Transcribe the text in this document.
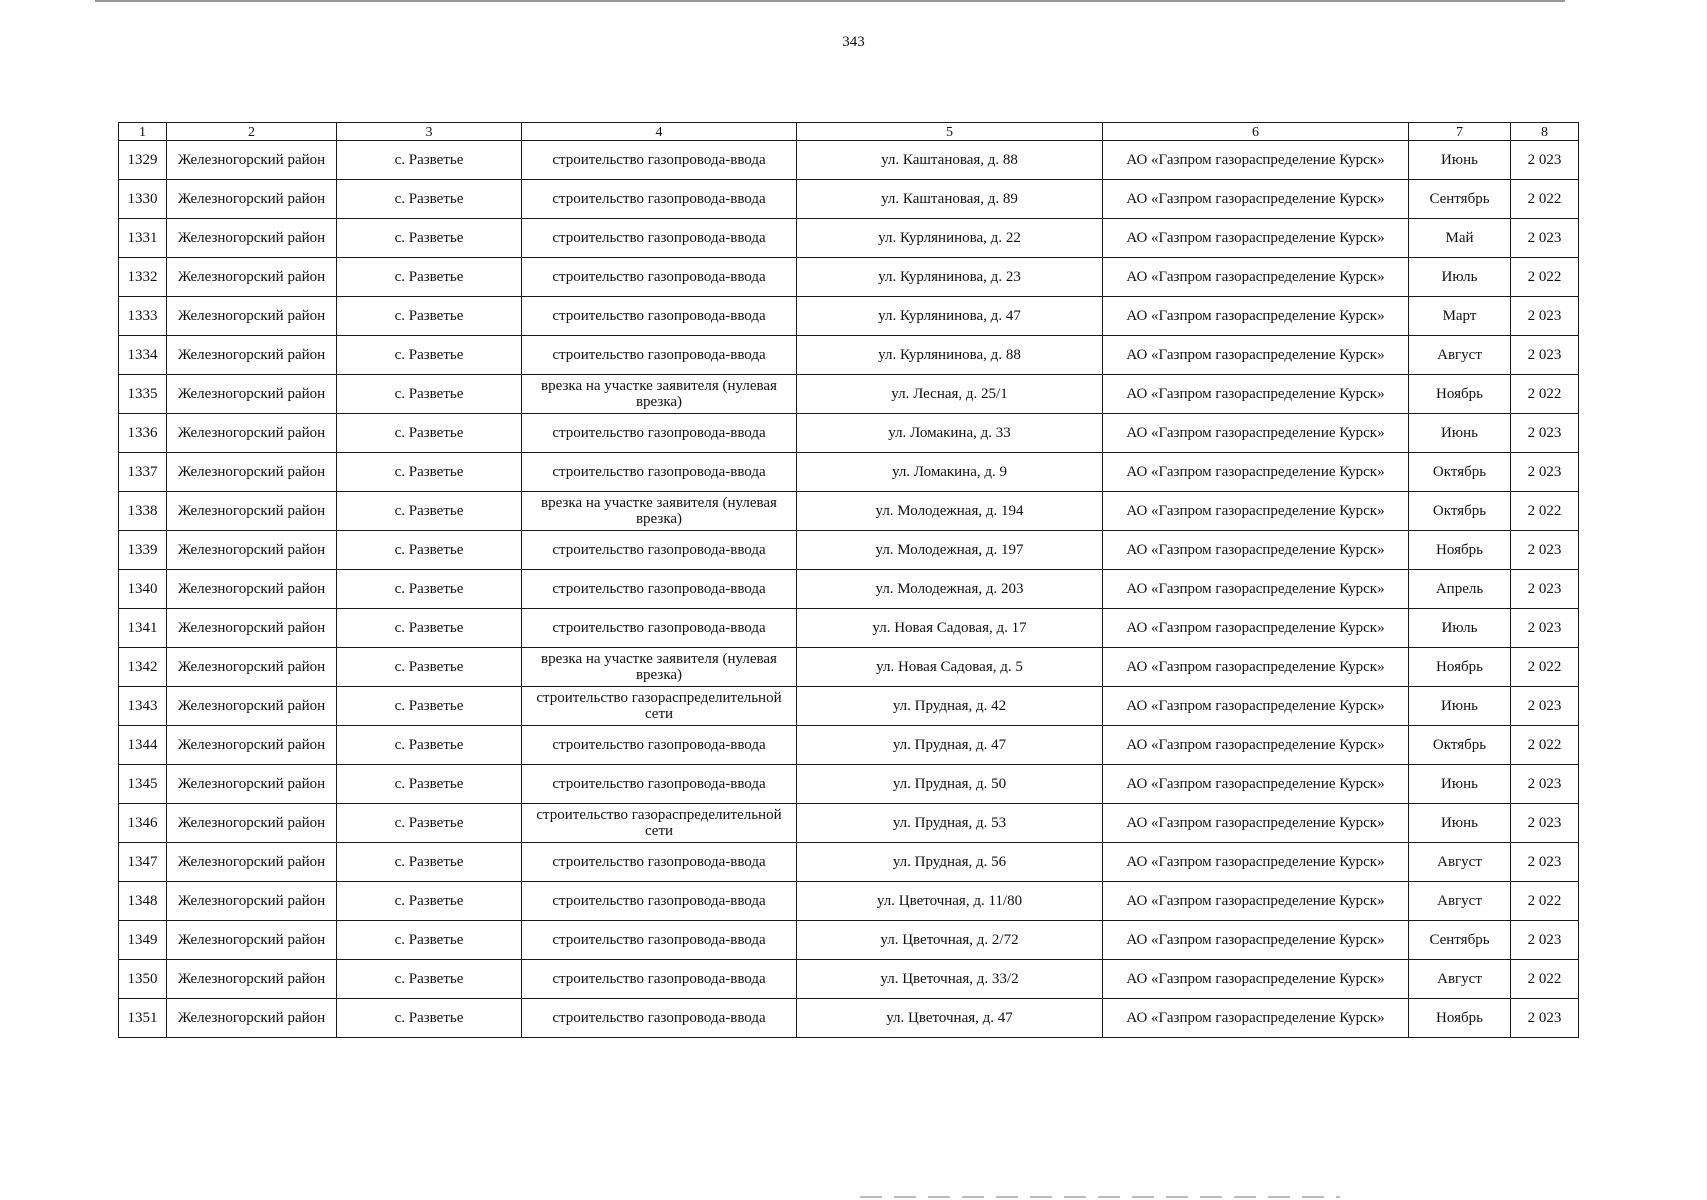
343
1	2	3	4	5	6	7	8
1329	Железногорский район	с. Разветье	строительство газопровода-ввода	ул. Каштановая, д. 88	АО «Газпром газораспределение Курск»	Июнь	2 023
1330	Железногорский район	с. Разветье	строительство газопровода-ввода	ул. Каштановая, д. 89	АО «Газпром газораспределение Курск»	Сентябрь	2 022
1331	Железногорский район	с. Разветье	строительство газопровода-ввода	ул. Курлянинова, д. 22	АО «Газпром газораспределение Курск»	Май	2 023
1332	Железногорский район	с. Разветье	строительство газопровода-ввода	ул. Курлянинова, д. 23	АО «Газпром газораспределение Курск»	Июль	2 022
1333	Железногорский район	с. Разветье	строительство газопровода-ввода	ул. Курлянинова, д. 47	АО «Газпром газораспределение Курск»	Март	2 023
1334	Железногорский район	с. Разветье	строительство газопровода-ввода	ул. Курлянинова, д. 88	АО «Газпром газораспределение Курск»	Август	2 023
1335	Железногорский район	с. Разветье	врезка на участке заявителя (нулевая врезка)	ул. Лесная, д. 25/1	АО «Газпром газораспределение Курск»	Ноябрь	2 022
1336	Железногорский район	с. Разветье	строительство газопровода-ввода	ул. Ломакина, д. 33	АО «Газпром газораспределение Курск»	Июнь	2 023
1337	Железногорский район	с. Разветье	строительство газопровода-ввода	ул. Ломакина, д. 9	АО «Газпром газораспределение Курск»	Октябрь	2 023
1338	Железногорский район	с. Разветье	врезка на участке заявителя (нулевая врезка)	ул. Молодежная, д. 194	АО «Газпром газораспределение Курск»	Октябрь	2 022
1339	Железногорский район	с. Разветье	строительство газопровода-ввода	ул. Молодежная, д. 197	АО «Газпром газораспределение Курск»	Ноябрь	2 023
1340	Железногорский район	с. Разветье	строительство газопровода-ввода	ул. Молодежная, д. 203	АО «Газпром газораспределение Курск»	Апрель	2 023
1341	Железногорский район	с. Разветье	строительство газопровода-ввода	ул. Новая Садовая, д. 17	АО «Газпром газораспределение Курск»	Июль	2 023
1342	Железногорский район	с. Разветье	врезка на участке заявителя (нулевая врезка)	ул. Новая Садовая, д. 5	АО «Газпром газораспределение Курск»	Ноябрь	2 022
1343	Железногорский район	с. Разветье	строительство газораспределительной сети	ул. Прудная, д. 42	АО «Газпром газораспределение Курск»	Июнь	2 023
1344	Железногорский район	с. Разветье	строительство газопровода-ввода	ул. Прудная, д. 47	АО «Газпром газораспределение Курск»	Октябрь	2 022
1345	Железногорский район	с. Разветье	строительство газопровода-ввода	ул. Прудная, д. 50	АО «Газпром газораспределение Курск»	Июнь	2 023
1346	Железногорский район	с. Разветье	строительство газораспределительной сети	ул. Прудная, д. 53	АО «Газпром газораспределение Курск»	Июнь	2 023
1347	Железногорский район	с. Разветье	строительство газопровода-ввода	ул. Прудная, д. 56	АО «Газпром газораспределение Курск»	Август	2 023
1348	Железногорский район	с. Разветье	строительство газопровода-ввода	ул. Цветочная, д. 11/80	АО «Газпром газораспределение Курск»	Август	2 022
1349	Железногорский район	с. Разветье	строительство газопровода-ввода	ул. Цветочная, д. 2/72	АО «Газпром газораспределение Курск»	Сентябрь	2 023
1350	Железногорский район	с. Разветье	строительство газопровода-ввода	ул. Цветочная, д. 33/2	АО «Газпром газораспределение Курск»	Август	2 022
1351	Железногорский район	с. Разветье	строительство газопровода-ввода	ул. Цветочная, д. 47	АО «Газпром газораспределение Курск»	Ноябрь	2 023
